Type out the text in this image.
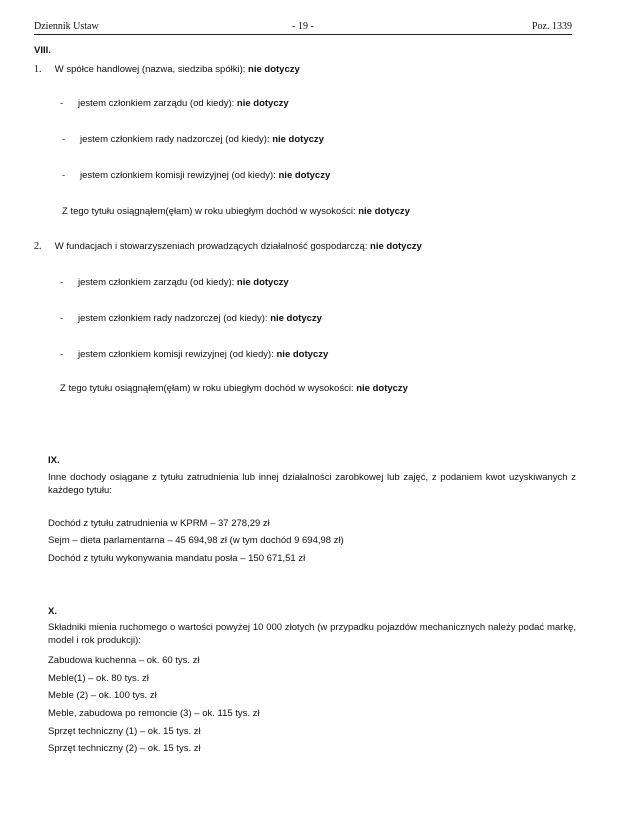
Dziennik Ustaw	- 19 -	Poz. 1339
VIII.
1. W spółce handlowej (nazwa, siedziba spółki): nie dotyczy
- jestem członkiem zarządu (od kiedy): nie dotyczy
- jestem członkiem rady nadzorczej (od kiedy): nie dotyczy
- jestem członkiem komisji rewizyjnej (od kiedy): nie dotyczy
Z tego tytułu osiągnąłem(ęłam) w roku ubiegłym dochód w wysokości: nie dotyczy
2. W fundacjach i stowarzyszeniach prowadzących działalność gospodarczą: nie dotyczy
- jestem członkiem zarządu (od kiedy): nie dotyczy
- jestem członkiem rady nadzorczej (od kiedy): nie dotyczy
- jestem członkiem komisji rewizyjnej (od kiedy): nie dotyczy
Z tego tytułu osiągnąłem(ęłam) w roku ubiegłym dochód w wysokości: nie dotyczy
IX.
Inne dochody osiągane z tytułu zatrudnienia lub innej działalności zarobkowej lub zajęć, z podaniem kwot uzyskiwanych z każdego tytułu:
Dochód z tytułu zatrudnienia w KPRM – 37 278,29 zł
Sejm – dieta parlamentarna – 45 694,98 zł (w tym dochód 9 694,98 zł)
Dochód z tytułu wykonywania mandatu posła – 150 671,51 zł
X.
Składniki mienia ruchomego o wartości powyżej 10 000 złotych (w przypadku pojazdów mechanicznych należy podać markę, model i rok produkcji):
Zabudowa kuchenna – ok. 60 tys. zł
Meble(1) – ok. 80 tys. zł
Meble (2) – ok. 100 tys. zł
Meble, zabudowa po remoncie (3) – ok. 115 tys. zł
Sprzęt techniczny (1) – ok. 15 tys. zł
Sprzęt techniczny (2) – ok. 15 tys. zł
